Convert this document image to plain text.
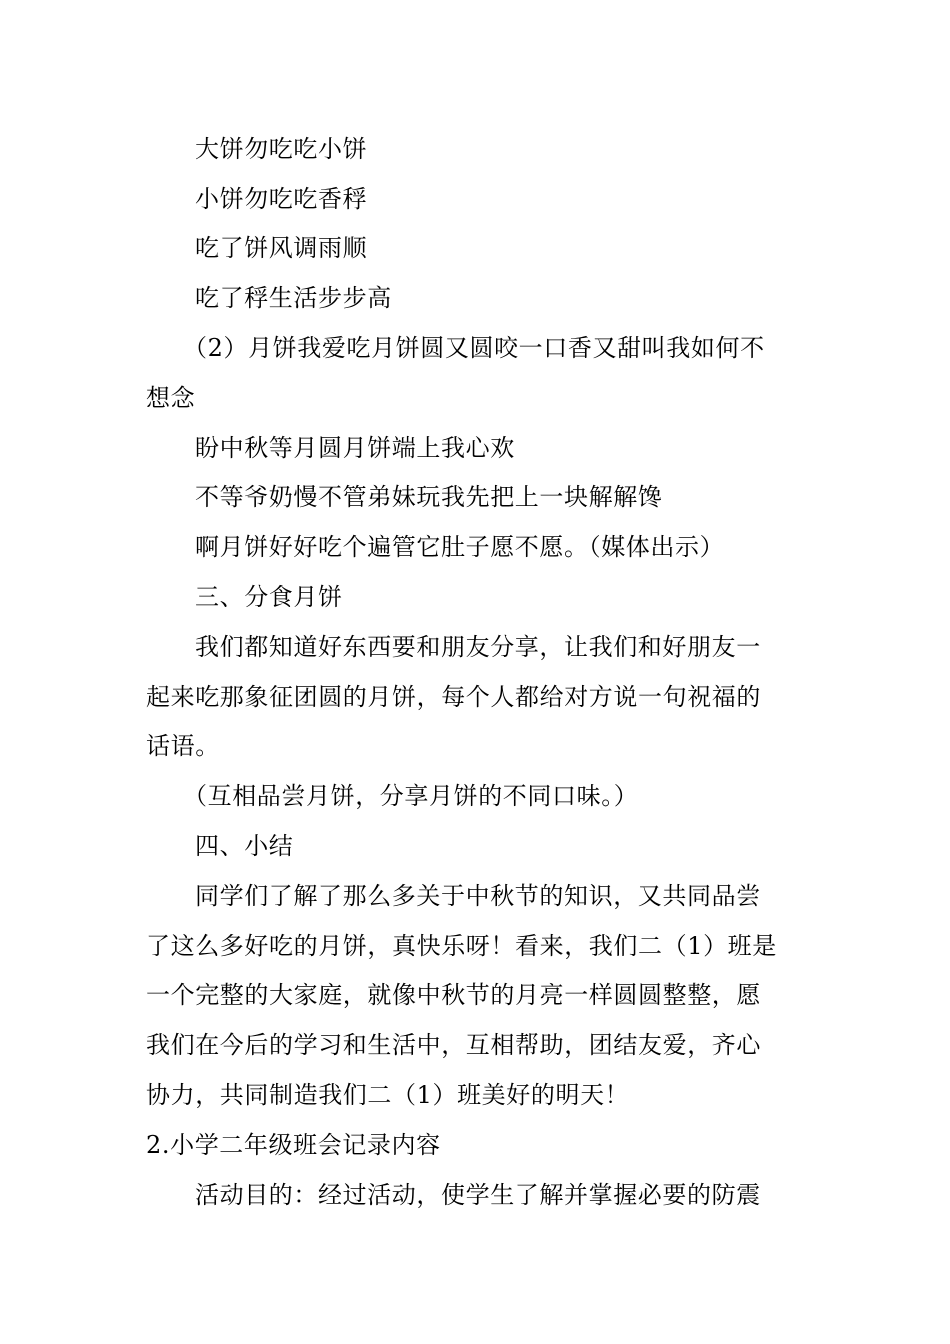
大饼勿吃吃小饼
小饼勿吃吃香稃
吃了饼风调雨顺
吃了稃生活步步高
（2）月饼我爱吃月饼圆又圆咬一口香又甜叫我如何不
想念
盼中秋等月圆月饼端上我心欢
不等爷奶慢不管弟妹玩我先把上一块解解馋
啊月饼好好吃个遍管它肚子愿不愿。（媒体出示）
三、分食月饼
我们都知道好东西要和朋友分享，让我们和好朋友一
起来吃那象征团圆的月饼，每个人都给对方说一句祝福的
话语。
（互相品尝月饼，分享月饼的不同口味。）
四、小结
同学们了解了那么多关于中秋节的知识，又共同品尝
了这么多好吃的月饼，真快乐呀！看来，我们二（1）班是
一个完整的大家庭，就像中秋节的月亮一样圆圆整整，愿
我们在今后的学习和生活中，互相帮助，团结友爱，齐心
协力，共同制造我们二（1）班美好的明天！
2.小学二年级班会记录内容
活动目的：经过活动，使学生了解并掌握必要的防震
